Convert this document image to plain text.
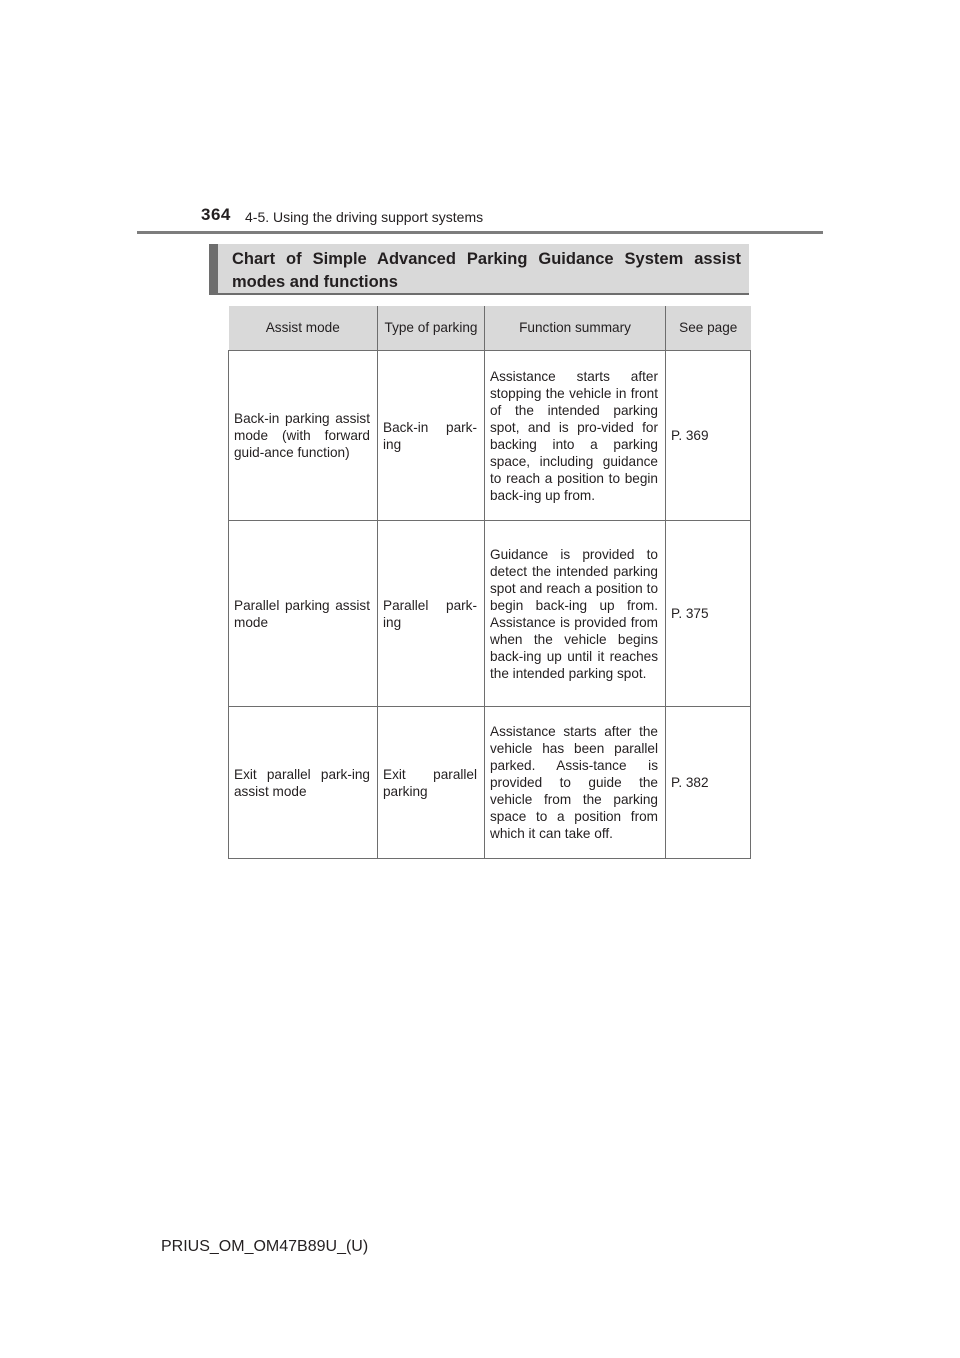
364 4-5. Using the driving support systems
Chart of Simple Advanced Parking Guidance System assist modes and functions
Assist mode	Type of parking	Function summary	See page
Back-in parking assist mode (with forward guid-ance function)	Back-in park-ing	Assistance starts after stopping the vehicle in front of the intended parking spot, and is pro-vided for backing into a parking space, including guidance to reach a position to begin back-ing up from.	P. 369
Parallel parking assist mode	Parallel park-ing	Guidance is provided to detect the intended parking spot and reach a position to begin back-ing up from. Assistance is provided from when the vehicle begins back-ing up until it reaches the intended parking spot.	P. 375
Exit parallel park-ing assist mode	Exit parallel parking	Assistance starts after the vehicle has been parallel parked. Assis-tance is provided to guide the vehicle from the parking space to a position from which it can take off.	P. 382
PRIUS_OM_OM47B89U_(U)
